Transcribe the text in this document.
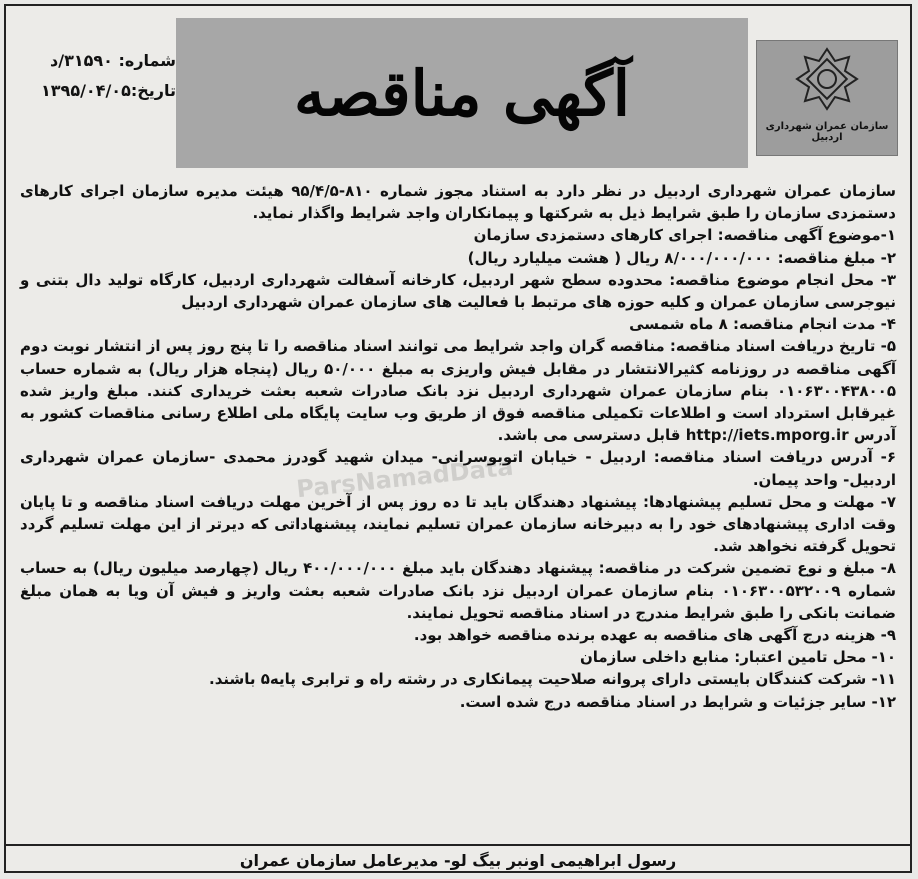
شماره: ۳۱۵۹۰/د
تاریخ:۱۳۹۵/۰۴/۰۵ آگهی مناقصه	سازمان عمران شهرداری اردبیل

سازمان عمران شهرداری اردبیل در نظر دارد به استناد مجوز شماره ۸۱۰-۹۵/۴/۵ هیئت مدیره سازمان اجرای کارهای دستمزدی سازمان را طبق شرایط ذیل به شرکتها و پیمانکاران واجد شرایط واگذار نماید.

۱-موضوع آگهی مناقصه: اجرای کارهای دستمزدی سازمان

۲- مبلغ مناقصه: ۸/۰۰۰/۰۰۰/۰۰۰ ریال ( هشت میلیارد ریال)

۳- محل انجام موضوع مناقصه: محدوده سطح شهر اردبیل، کارخانه آسفالت شهرداری اردبیل، کارگاه تولید دال بتنی و نیوجرسی سازمان عمران و کلیه حوزه های مرتبط با فعالیت های سازمان عمران شهرداری اردبیل

۴- مدت انجام مناقصه: ۸ ماه شمسی

۵- تاریخ دریافت اسناد مناقصه: مناقصه گران واجد شرایط می توانند اسناد مناقصه را تا پنج روز پس از انتشار نوبت دوم آگهی مناقصه در روزنامه کثیرالانتشار در مقابل فیش واریزی به مبلغ ۵۰/۰۰۰ ریال (پنجاه هزار ریال) به شماره حساب ۰۱۰۶۳۰۰۴۳۸۰۰۵ بنام سازمان عمران شهرداری اردبیل نزد بانک صادرات شعبه بعثت خریداری کنند. مبلغ واریز شده غیرقابل استرداد است و اطلاعات تکمیلی مناقصه فوق از طریق وب سایت پایگاه ملی اطلاع رسانی مناقصات کشور به آدرس http://iets.mporg.ir قابل دسترسی می باشد.

۶- آدرس دریافت اسناد مناقصه: اردبیل - خیابان اتوبوسرانی- میدان شهید گودرز محمدی -سازمان عمران شهرداری اردبیل- واحد پیمان.

۷- مهلت و محل تسلیم پیشنهادها: پیشنهاد دهندگان باید تا ده روز پس از آخرین مهلت دریافت اسناد مناقصه و تا پایان وقت اداری پیشنهادهای خود را به دبیرخانه سازمان عمران تسلیم نمایند، پیشنهاداتی که دیرتر از این مهلت تسلیم گردد تحویل گرفته نخواهد شد.

۸- مبلغ و نوع تضمین شرکت در مناقصه: پیشنهاد دهندگان باید مبلغ ۴۰۰/۰۰۰/۰۰۰ ریال (چهارصد میلیون ریال) به حساب شماره ۰۱۰۶۳۰۰۵۳۲۰۰۹ بنام سازمان عمران اردبیل نزد بانک صادرات شعبه بعثت واریز و فیش آن ویا به همان مبلغ ضمانت بانکی را طبق شرایط مندرج در اسناد مناقصه تحویل نمایند.

۹- هزینه درج آگهی های مناقصه به عهده برنده مناقصه خواهد بود.

۱۰- محل تامین اعتبار: منابع داخلی سازمان

۱۱- شرکت کنندگان بایستی دارای پروانه صلاحیت پیمانکاری در رشته راه و ترابری پایه۵ باشند.

۱۲- سایر جزئیات و شرایط در اسناد مناقصه درج شده است.

ParsNamadData
رسول ابراهیمی اونبر بیگ لو- مدیرعامل سازمان عمران
